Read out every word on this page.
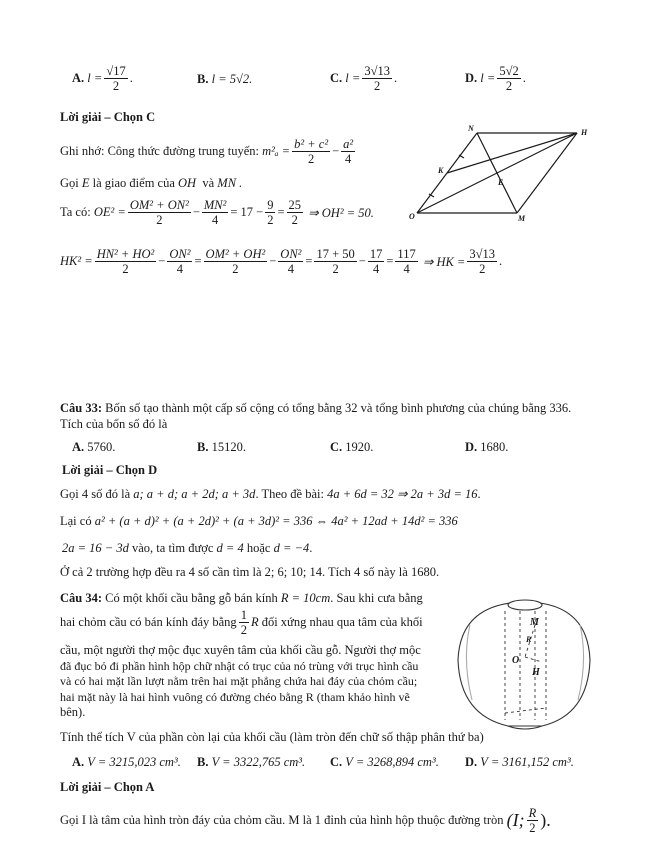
A.
$l = \frac{√17}{2}$ .	B.
l = 5√2.	C.
$l = \frac{3√13}{2}$ .	D.
$l = \frac{5√2}{2}$ .
Lời giải – Chọn C
Ghi nhớ: Công thức đường trung tuyến:
$m^2_a = \frac{\text{b² + c²}}{2} - \frac{\text{a²}}{4}$
Gọi
E
là giao điểm của
OH
và
MN .
Ta có:
$OE^2 = \frac{\text{OM² + ON²}}{2} - \frac{\text{MN²}}{4} = 17 - \frac{9}{2} = \frac{25}{2}$
⇒ OH² = 50.
$HK^2 = \frac{\text{HN² + HO²}}{2} - \frac{\text{ON²}}{4} = \frac{\text{OM² + OH²}}{2} - \frac{\text{ON²}}{4} = \frac{17 + 50}{2} - \frac{17}{4} = \frac{117}{4}$
⇒ HK = $\frac{3√13}{2}$ .
N	H
K
E
O	M
Câu 33:
Bốn số tạo thành một cấp số cộng có tổng bằng 32 và tổng bình phương của chúng bằng 336.
Tích của bốn số đó là
A.
5760.	B.
15120.	C.
1920.	D.
1680.
Lời giải – Chọn D
Gọi 4 số đó là
a; a + d; a + 2d; a + 3d . Theo đề bài:
4a + 6d = 32 ⇒ 2a + 3d = 16 .
Lại có
a² + (a + d)² + (a + 2d)² + (a + 3d)² = 336 ⇔ 4a² + 12ad + 14d² = 336
2a = 16 − 3d
vào, ta tìm được
d = 4
hoặc
d = −4 .
Ở cả 2 trường hợp đều ra 4 số cần tìm là
2; 6; 10; 14 . Tích 4 số này là 1680.
Câu 34:
Có một khối cầu bằng gỗ bán kính
R = 10cm . Sau khi cưa bằng
hai chỏm cầu có bán kính đáy bằng $\frac{1}{2}$ R
đối xứng nhau qua tâm của khối
cầu, một người thợ mộc đục xuyên tâm của khối cầu gỗ. Người thợ mộc
đã đục bỏ đi phần hình hộp chữ nhật có trục của nó trùng với trục hình cầu
và có hai mặt lần lượt nằm trên hai mặt phẳng chứa hai đáy của chỏm cầu;
hai mặt này là hai hình vuông có đường chéo bằng R (tham khảo hình vẽ
bên).
Tính thể tích V của phần còn lại của khối cầu (làm tròn đến chữ số thập phân thứ ba)
A.
V = 3215,023 cm³. B.
V = 3322,765 cm³. C.
V = 3268,894 cm³. D.
V = 3161,152 cm³.
Lời giải – Chọn A
Gọi I là tâm của hình tròn đáy của chỏm cầu. M là 1 đỉnh của hình hộp thuộc đường tròn
(I; $\frac{R}{2}$ ).
M
R
O
H
